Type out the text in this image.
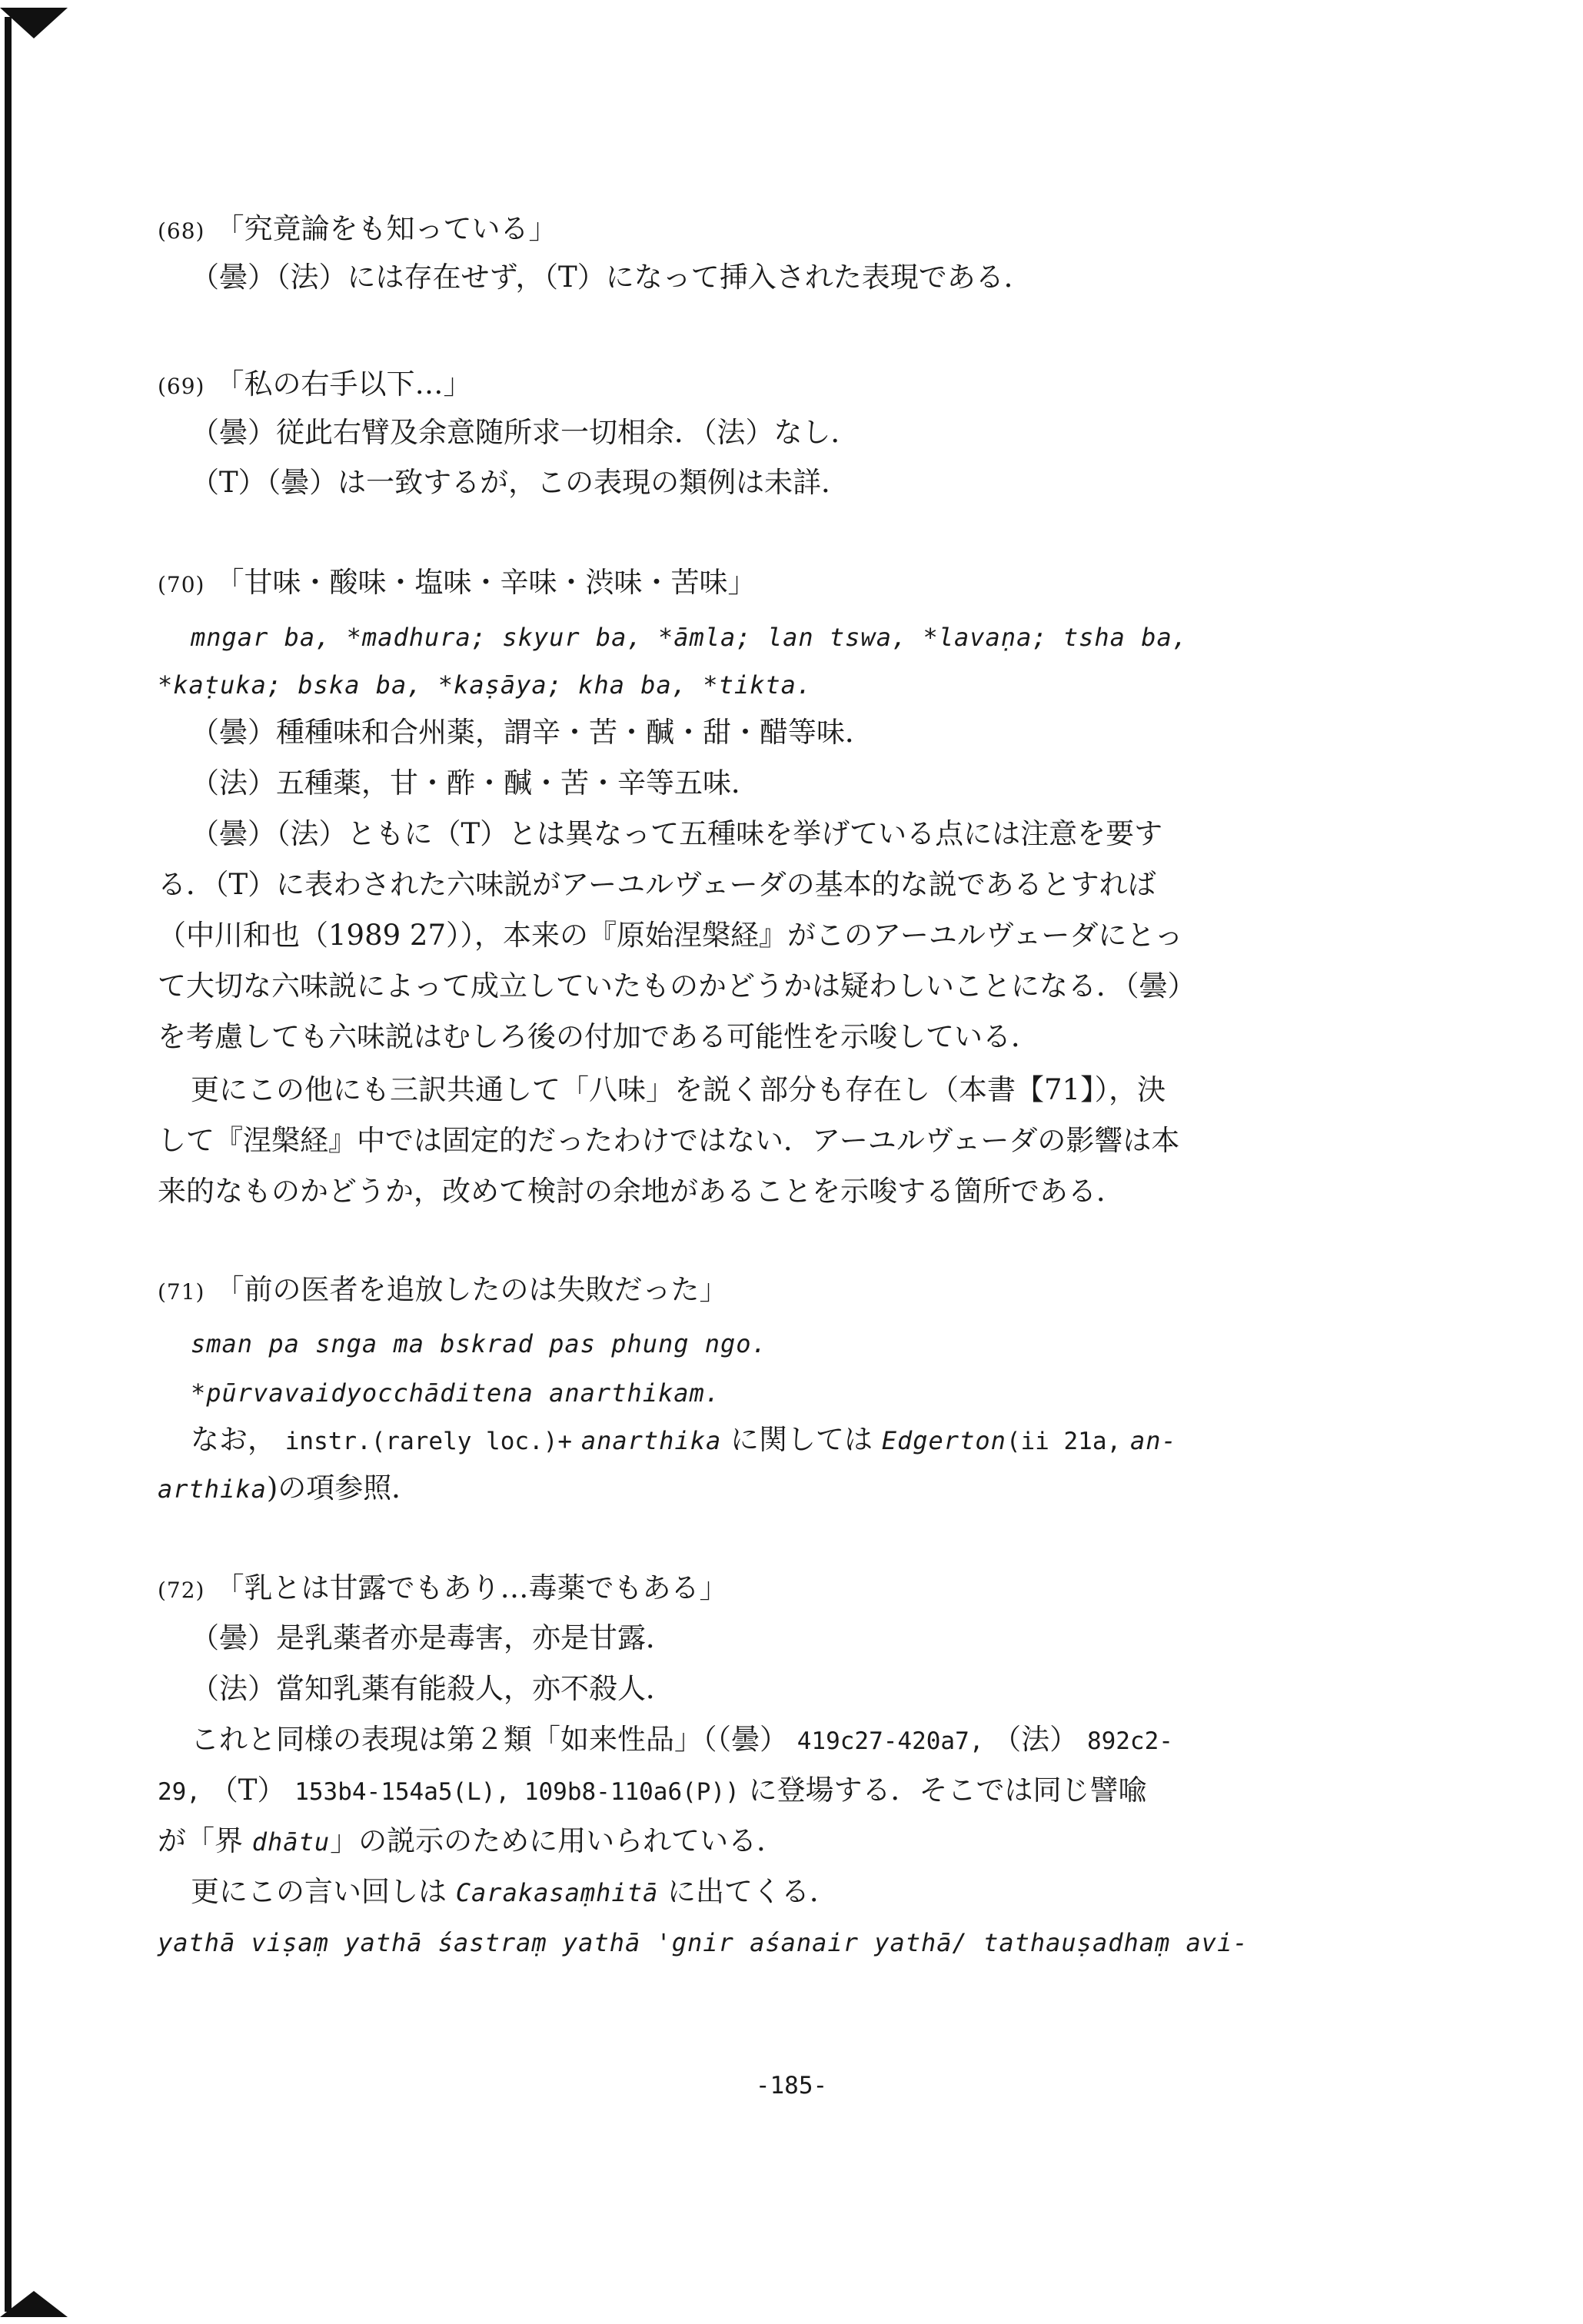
(68) 「究竟論をも知っている」
（曇）（法）には存在せず，（T）になって挿入された表現である．
(69) 「私の右手以下…」
（曇）従此右臂及余意随所求一切相余．（法）なし．
（T）（曇）は一致するが，この表現の類例は未詳．
(70) 「甘味・酸味・塩味・辛味・渋味・苦味」
mngar ba, *madhura; skyur ba, *āmla; lan tswa, *lavaṇa; tsha ba,
*kaṭuka; bska ba, *kaṣāya; kha ba, *tikta.
（曇）種種味和合州薬，謂辛・苦・醎・甜・醋等味．
（法）五種薬，甘・酢・醎・苦・辛等五味．
（曇）（法）ともに（T）とは異なって五種味を挙げている点には注意を要す
る．（T）に表わされた六味説がアーユルヴェーダの基本的な説であるとすれば
（中川和也（1989 27）），本来の『原始涅槃経』がこのアーユルヴェーダにとっ
て大切な六味説によって成立していたものかどうかは疑わしいことになる．（曇）
を考慮しても六味説はむしろ後の付加である可能性を示唆している．
更にこの他にも三訳共通して「八味」を説く部分も存在し（本書【71】），決
して『涅槃経』中では固定的だったわけではない．アーユルヴェーダの影響は本
来的なものかどうか，改めて検討の余地があることを示唆する箇所である．
(71) 「前の医者を追放したのは失敗だった」
sman pa snga ma bskrad pas phung ngo.
*pūrvavaidyocchāditena anarthikam.
なお， instr.(rarely loc.)+ anarthika に関しては Edgerton(ii 21a, an-
arthika)の項参照．
(72) 「乳とは甘露でもあり…毒薬でもある」
（曇）是乳薬者亦是毒害，亦是甘露．
（法）當知乳薬有能殺人，亦不殺人．
これと同様の表現は第２類「如来性品」（（曇） 419c27-420a7, （法） 892c2-
29, （T） 153b4-154a5(L), 109b8-110a6(P)) に登場する．そこでは同じ譬喩
が「界 dhātu」の説示のために用いられている．
更にこの言い回しは Carakasaṃhitā に出てくる．
yathā viṣaṃ yathā śastraṃ yathā 'gnir aśanair yathā/ tathauṣadhaṃ avi-
-185-
